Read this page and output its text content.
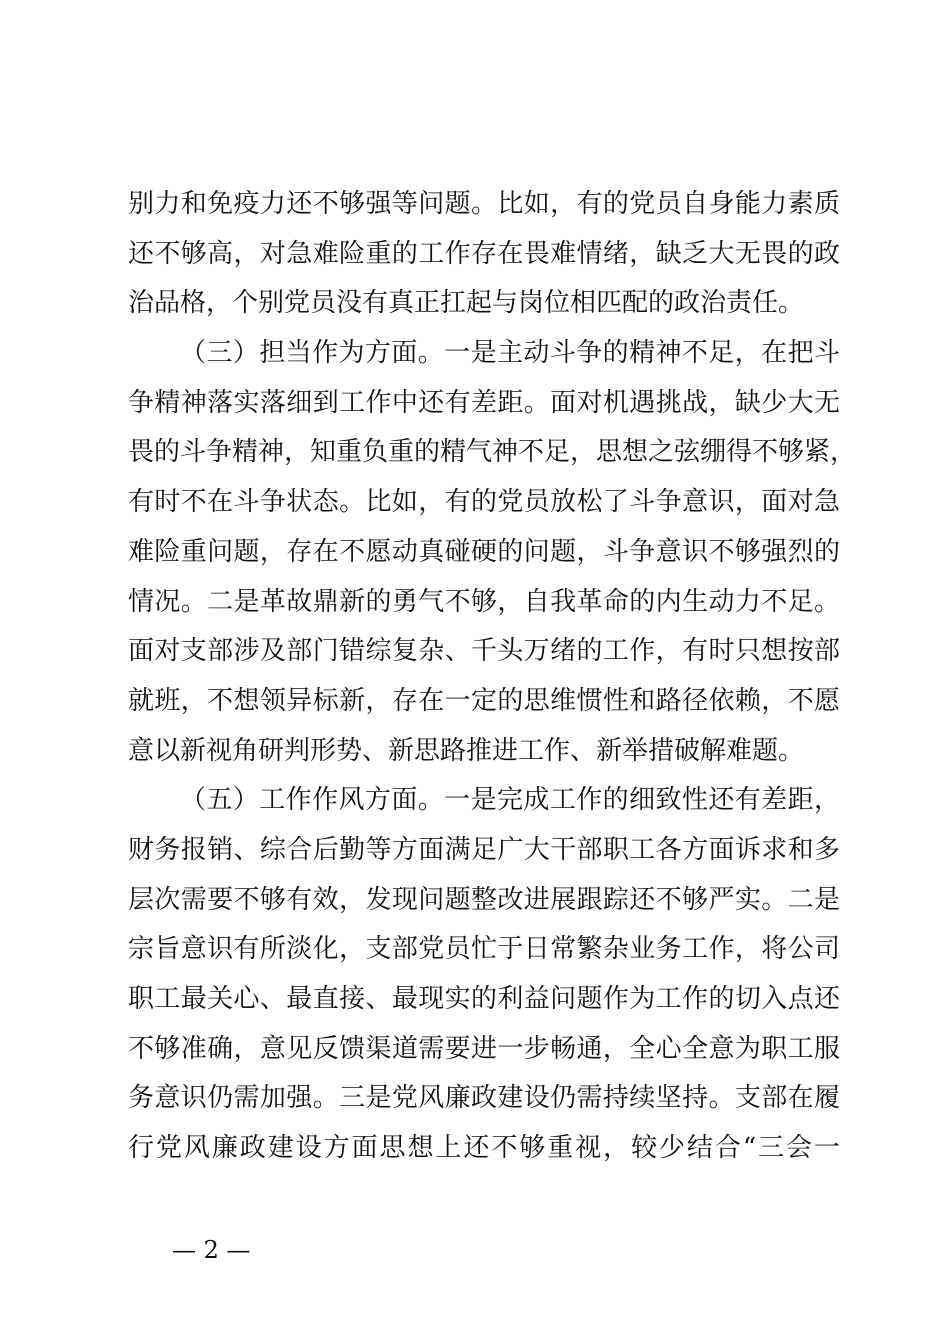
别力和免疫力还不够强等问题。比如，有的党员自身能力素质
还不够高，对急难险重的工作存在畏难情绪，缺乏大无畏的政
治品格，个别党员没有真正扛起与岗位相匹配的政治责任。
（三）担当作为方面。一是主动斗争的精神不足，在把斗
争精神落实落细到工作中还有差距。面对机遇挑战，缺少大无
畏的斗争精神，知重负重的精气神不足，思想之弦绷得不够紧，
有时不在斗争状态。比如，有的党员放松了斗争意识，面对急
难险重问题，存在不愿动真碰硬的问题，斗争意识不够强烈的
情况。二是革故鼎新的勇气不够，自我革命的内生动力不足。
面对支部涉及部门错综复杂、千头万绪的工作，有时只想按部
就班，不想领异标新，存在一定的思维惯性和路径依赖，不愿
意以新视角研判形势、新思路推进工作、新举措破解难题。
（五）工作作风方面。一是完成工作的细致性还有差距，
财务报销、综合后勤等方面满足广大干部职工各方面诉求和多
层次需要不够有效，发现问题整改进展跟踪还不够严实。二是
宗旨意识有所淡化，支部党员忙于日常繁杂业务工作，将公司
职工最关心、最直接、最现实的利益问题作为工作的切入点还
不够准确，意见反馈渠道需要进一步畅通，全心全意为职工服
务意识仍需加强。三是党风廉政建设仍需持续坚持。支部在履
行党风廉政建设方面思想上还不够重视，较少结合“三会一
— 2 —
